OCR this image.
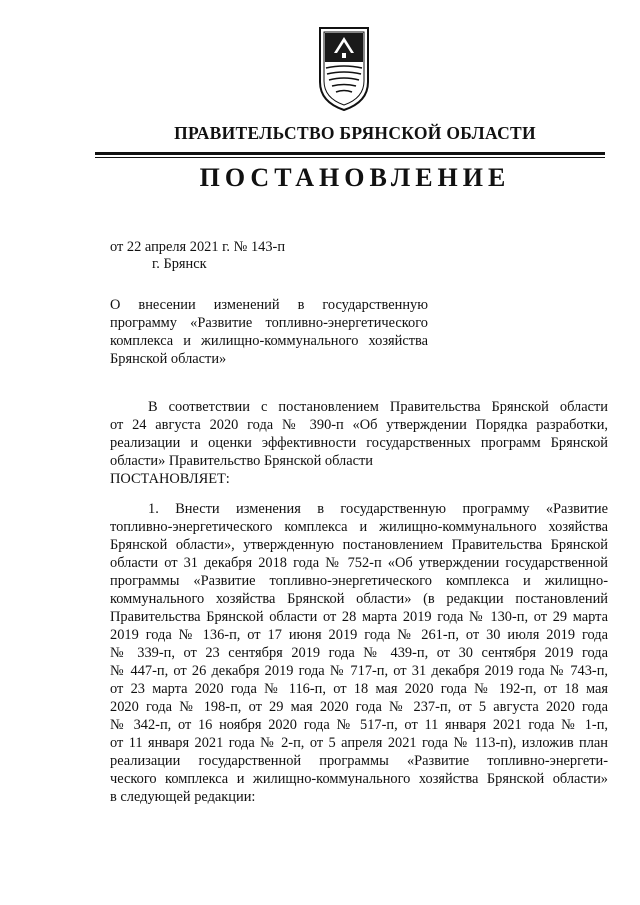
ПРАВИТЕЛЬСТВО БРЯНСКОЙ ОБЛАСТИ
ПОСТАНОВЛЕНИЕ
от 22 апреля 2021 г. № 143-п
г. Брянск
О внесении изменений в государственную
программу «Развитие топливно-энергетического
комплекса и жилищно-коммунального хозяйства
Брянской области»
В соответствии с постановлением Правительства Брянской области
от 24 августа 2020 года № 390-п «Об утверждении Порядка разработки,
реализации и оценки эффективности государственных программ Брянской
области» Правительство Брянской области
ПОСТАНОВЛЯЕТ:
1. Внести изменения в государственную программу «Развитие
топливно-энергетического комплекса и жилищно-коммунального хозяйства
Брянской области», утвержденную постановлением Правительства Брянской
области от 31 декабря 2018 года № 752-п «Об утверждении государственной
программы «Развитие топливно-энергетического комплекса и жилищно-
коммунального хозяйства Брянской области» (в редакции постановлений
Правительства Брянской области от 28 марта 2019 года № 130-п, от 29 марта
2019 года № 136-п, от 17 июня 2019 года № 261-п, от 30 июля 2019 года
№ 339-п, от 23 сентября 2019 года № 439-п, от 30 сентября 2019 года
№ 447-п, от 26 декабря 2019 года № 717-п, от 31 декабря 2019 года № 743-п,
от 23 марта 2020 года № 116-п, от 18 мая 2020 года № 192-п, от 18 мая
2020 года № 198-п, от 29 мая 2020 года № 237-п, от 5 августа 2020 года
№ 342-п, от 16 ноября 2020 года № 517-п, от 11 января 2021 года № 1-п,
от 11 января 2021 года № 2-п, от 5 апреля 2021 года № 113-п), изложив план
реализации государственной программы «Развитие топливно-энергети-
ческого комплекса и жилищно-коммунального хозяйства Брянской области»
в следующей редакции:
